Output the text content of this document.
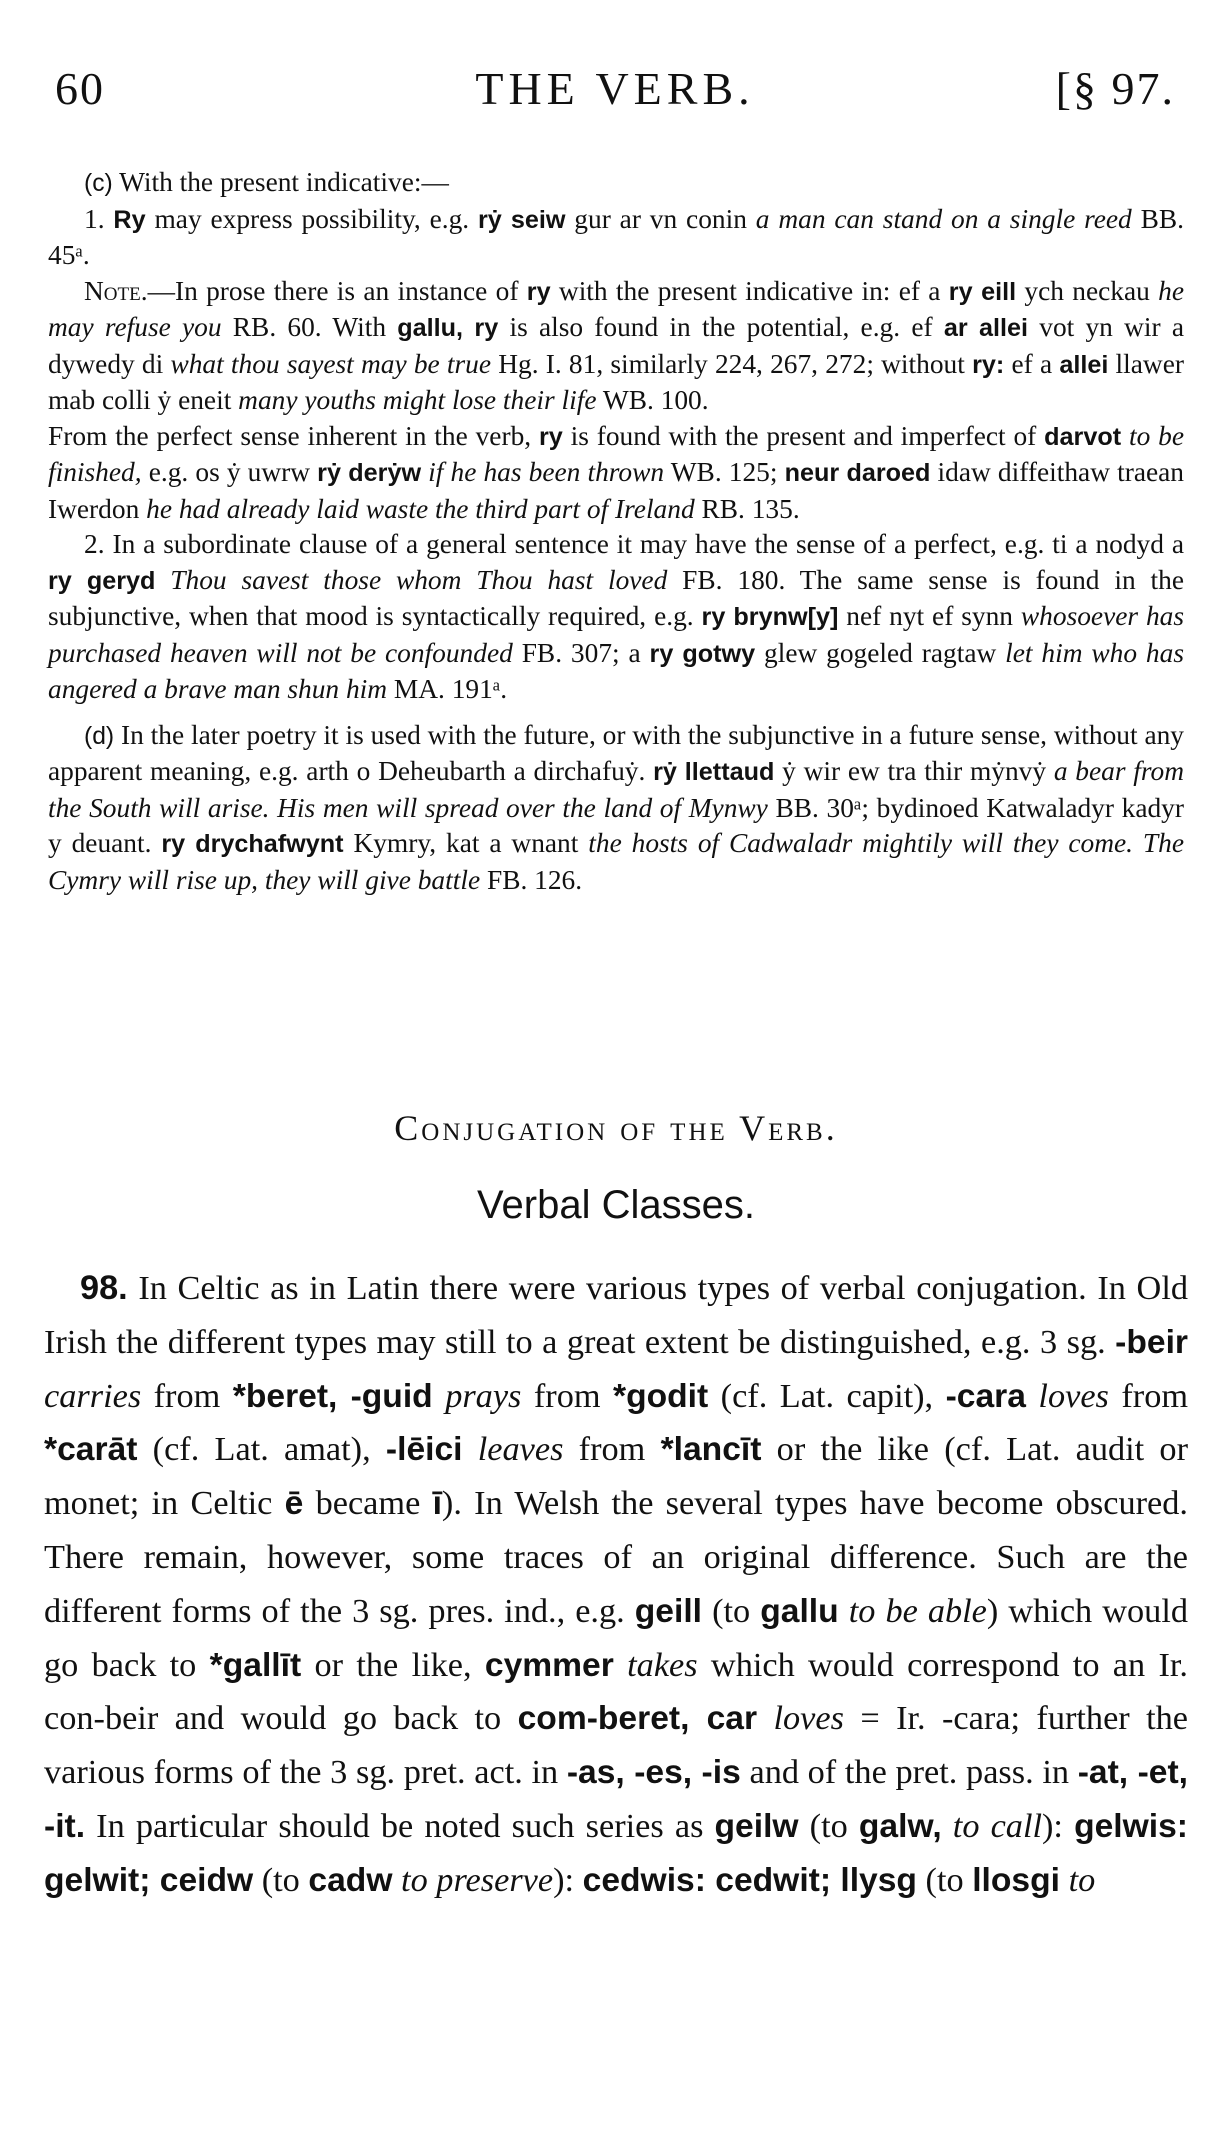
60	THE VERB.	[§ 97.

(c) With the present indicative:—

1. Ry may express possibility, e.g. rẏ seiw gur ar vn conin a man can stand on a single reed BB. 45ᵃ.

Note.—In prose there is an instance of ry with the present indicative in: ef a ry eill ych neckau he may refuse you RB. 60. With gallu, ry is also found in the potential, e.g. ef ar allei vot yn wir a dywedy di what thou sayest may be true Hg. I. 81, similarly 224, 267, 272; without ry: ef a allei llawer mab colli ẏ eneit many youths might lose their life WB. 100.

From the perfect sense inherent in the verb, ry is found with the present and imperfect of darvot to be finished, e.g. os ẏ uwrw rẏ derẏw if he has been thrown WB. 125; neur daroed idaw diffeithaw traean Iwerdon he had already laid waste the third part of Ireland RB. 135.

2. In a subordinate clause of a general sentence it may have the sense of a perfect, e.g. ti a nodyd a ry geryd Thou savest those whom Thou hast loved FB. 180. The same sense is found in the subjunctive, when that mood is syntactically required, e.g. ry brynw[y] nef nyt ef synn whosoever has purchased heaven will not be confounded FB. 307; a ry gotwy glew gogeled ragtaw let him who has angered a brave man shun him MA. 191ᵃ.

(d) In the later poetry it is used with the future, or with the subjunctive in a future sense, without any apparent meaning, e.g. arth o Deheubarth a dirchafuẏ. rẏ llettaud ẏ wir ew tra thir mẏnvẏ a bear from the South will arise. His men will spread over the land of Mynwy BB. 30ᵃ; bydinoed Katwaladyr kadyr y deuant. ry drychafwynt Kymry, kat a wnant the hosts of Cadwaladr mightily will they come. The Cymry will rise up, they will give battle FB. 126.

Conjugation of the Verb.
Verbal Classes.

98. In Celtic as in Latin there were various types of verbal conjugation. In Old Irish the different types may still to a great extent be distinguished, e.g. 3 sg. -beir carries from *beret, -guid prays from *godit (cf. Lat. capit), -cara loves from *carāt (cf. Lat. amat), -lēici leaves from *lancīt or the like (cf. Lat. audit or monet; in Celtic ē became ī). In Welsh the several types have become obscured. There remain, however, some traces of an original difference. Such are the different forms of the 3 sg. pres. ind., e.g. geill (to gallu to be able) which would go back to *gallīt or the like, cymmer takes which would correspond to an Ir. con-beir and would go back to com-beret, car loves = Ir. -cara; further the various forms of the 3 sg. pret. act. in -as, -es, -is and of the pret. pass. in -at, -et, -it. In particular should be noted such series as geilw (to galw, to call): gelwis: gelwit; ceidw (to cadw to preserve): cedwis: cedwit; llysg (to llosgi to
